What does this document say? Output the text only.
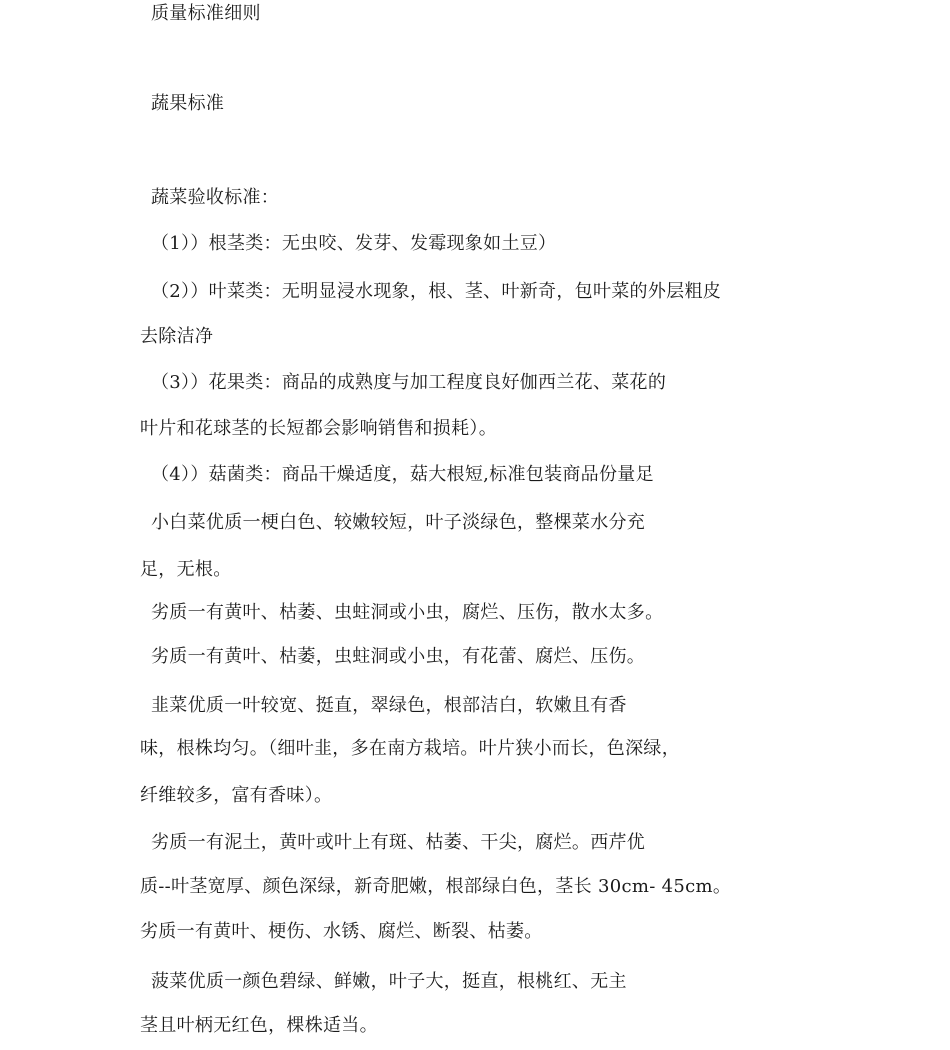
质量标准细则
蔬果标准
蔬菜验收标准：
（1））根茎类：无虫咬、发芽、发霉现象如土豆）
（2））叶菜类：无明显浸水现象，根、茎、叶新奇，包叶菜的外层粗皮
去除洁净
（3））花果类：商品的成熟度与加工程度良好伽西兰花、菜花的
叶片和花球茎的长短都会影响销售和损耗）。
（4））菇菌类：商品干燥适度，菇大根短,标准包装商品份量足
小白菜优质一梗白色、较嫩较短，叶子淡绿色，整棵菜水分充
足，无根。
劣质一有黄叶、枯萎、虫蛀洞或小虫，腐烂、压伤，散水太多。
劣质一有黄叶、枯萎，虫蛀洞或小虫，有花蕾、腐烂、压伤。
韭菜优质一叶较宽、挺直，翠绿色，根部洁白，软嫩且有香
味，根株均匀。（细叶韭，多在南方栽培。叶片狭小而长，色深绿，
纤维较多，富有香味）。
劣质一有泥土，黄叶或叶上有斑、枯萎、干尖，腐烂。西芹优
质--叶茎宽厚、颜色深绿，新奇肥嫩，根部绿白色，茎长 30cm- 45cm。
劣质一有黄叶、梗伤、水锈、腐烂、断裂、枯萎。
菠菜优质一颜色碧绿、鲜嫩，叶子大，挺直，根桃红、无主
茎且叶柄无红色，棵株适当。
